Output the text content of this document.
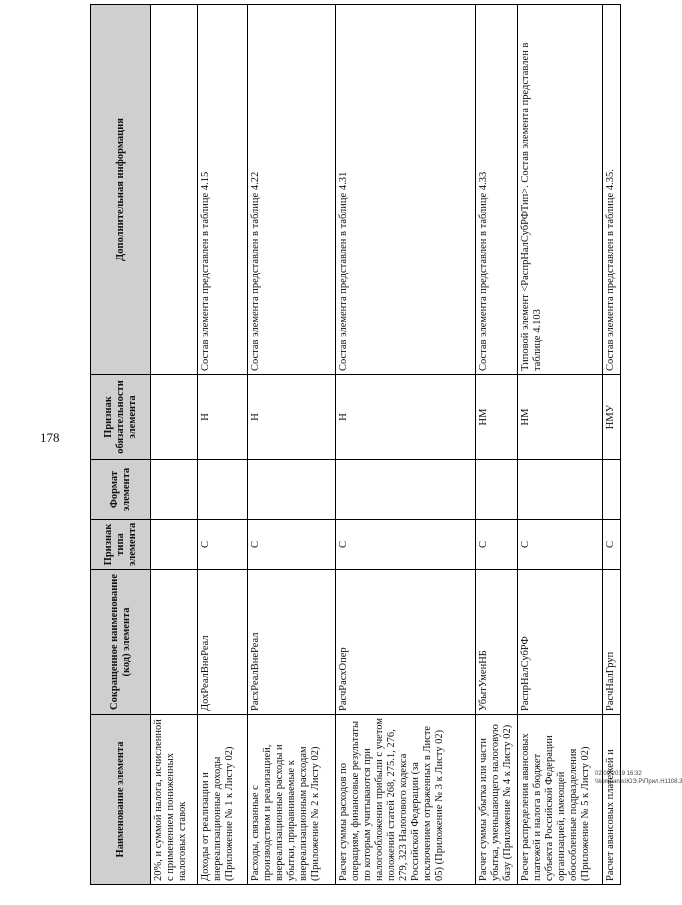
178
02.09.2019 16:32
\\komparus\ЮЭ.Р\Прил.Н1108.3
Наименование элемента	Сокращенное наименование (код) элемента	Признак типа элемента	Формат элемента	Признак обязательности элемента	Дополнительная информация
20%, и суммой налога, исчисленной с применением пониженных налоговых ставок					
Доходы от реализации и внереализационные доходы (Приложение № 1 к Листу 02)	ДохРеалВнеРеал	С		Н	Состав элемента представлен в таблице 4.15
Расходы, связанные с производством и реализацией, внереализационные расходы и убытки, приравниваемые к внереализационным расходам (Приложение № 2 к Листу 02)	РасхРеалВнеРеал	С		Н	Состав элемента представлен в таблице 4.22
Расчет суммы расходов по операциям, финансовые результаты по которым учитываются при налогообложении прибыли с учетом положений статей 268, 275.1, 276, 279, 323 Налогового кодекса Российской Федерации (за исключением отраженных в Листе 05) (Приложение № 3 к Листу 02)	РасчРасхОпер	С		Н	Состав элемента представлен в таблице 4.31
Расчет суммы убытка или части убытка, уменьшающего налоговую базу (Приложение № 4 к Листу 02)	УбытУменНБ	С		НМ	Состав элемента представлен в таблице 4.33
Расчет распределения авансовых платежей и налога в бюджет субъекта Российской Федерации организацией, имеющей обособленные подразделения (Приложение № 5 к Листу 02)	РаспрНалСубРФ	С		НМ	Типовой элемент <РаспрНалСубРФТип>. Состав элемента представлен в таблице 4.103
Расчет авансовых платежей и	РасчНалГруп	С		НМУ	Состав элемента представлен в таблице 4.35.
